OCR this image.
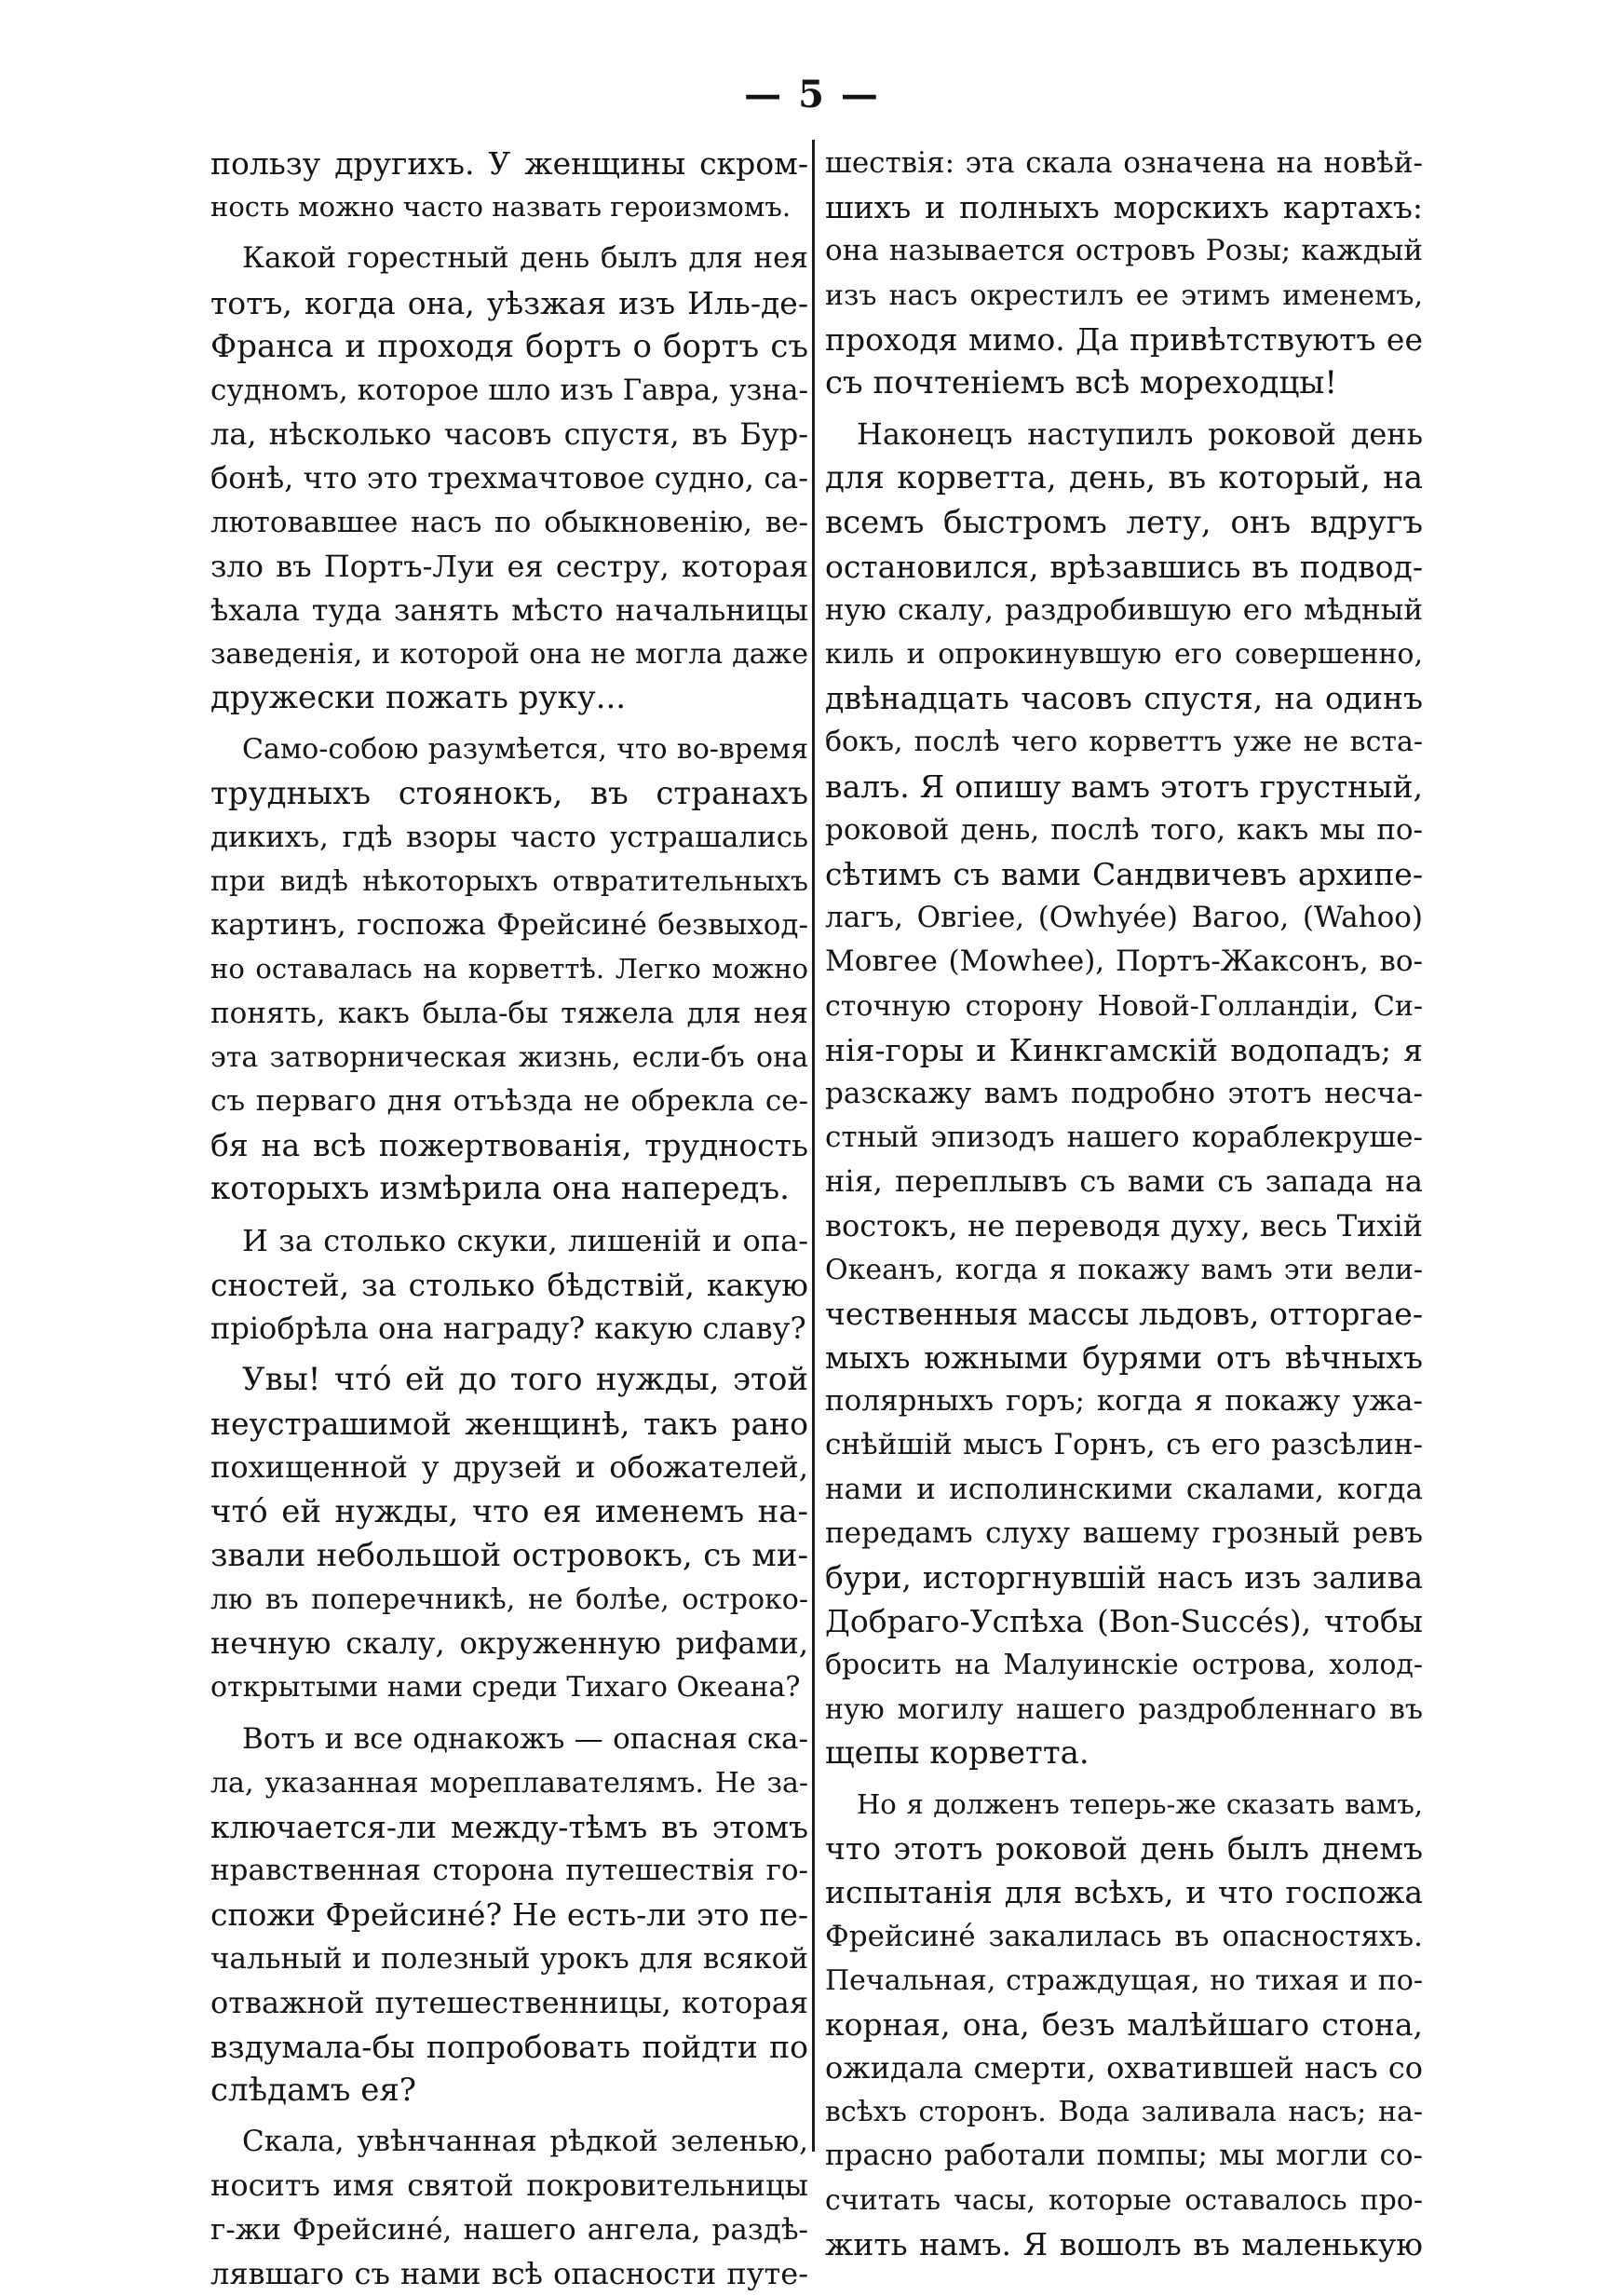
— 5 —
пользу другихъ. У женщины скром-
ность можно часто назвать героизмомъ.
Какой горестный день былъ для нея
тотъ, когда она, уѣзжая изъ Иль-де-
Франса и проходя бортъ о бортъ съ
судномъ, которое шло изъ Гавра, узна-
ла, нѣсколько часовъ спустя, въ Бур-
бонѣ, что это трехмачтовое судно, са-
лютовавшее насъ по обыкновенію, ве-
зло въ Портъ-Луи ея сестру, которая
ѣхала туда занять мѣсто начальницы
заведенія, и которой она не могла даже
дружески пожать руку...
Само-собою разумѣется, что во-время
трудныхъ стоянокъ, въ странахъ
дикихъ, гдѣ взоры часто устрашались
при видѣ нѣкоторыхъ отвратительныхъ
картинъ, госпожа Фрейсинé безвыход-
но оставалась на корветтѣ. Легко можно
понять, какъ была-бы тяжела для нея
эта затворническая жизнь, если-бъ она
съ перваго дня отъѣзда не обрекла се-
бя на всѣ пожертвованія, трудность
которыхъ измѣрила она напередъ.
И за столько скуки, лишеній и опа-
сностей, за столько бѣдствій, какую
пріобрѣла она награду? какую славу?
Увы! чтó ей до того нужды, этой
неустрашимой женщинѣ, такъ рано
похищенной у друзей и обожателей,
чтó ей нужды, что ея именемъ на-
звали небольшой островокъ, съ ми-
лю въ поперечникѣ, не болѣе, остроко-
нечную скалу, окруженную рифами,
открытыми нами среди Тихаго Океана?
Вотъ и все однакожъ — опасная ска-
ла, указанная мореплавателямъ. Не за-
ключается-ли между-тѣмъ въ этомъ
нравственная сторона путешествія го-
спожи Фрейсинé? Не есть-ли это пе-
чальный и полезный урокъ для всякой
отважной путешественницы, которая
вздумала-бы попробовать пойдти по
слѣдамъ ея?
Скала, увѣнчанная рѣдкой зеленью,
носитъ имя святой покровительницы
г-жи Фрейсинé, нашего ангела, раздѣ-
лявшаго съ нами всѣ опасности путе-
шествія: эта скала означена на новѣй-
шихъ и полныхъ морскихъ картахъ:
она называется островъ Розы; каждый
изъ насъ окрестилъ ее этимъ именемъ,
проходя мимо. Да привѣтствуютъ ее
съ почтеніемъ всѣ мореходцы!
Наконецъ наступилъ роковой день
для корветта, день, въ который, на
всемъ быстромъ лету, онъ вдругъ
остановился, врѣзавшись въ подвод-
ную скалу, раздробившую его мѣдный
киль и опрокинувшую его совершенно,
двѣнадцать часовъ спустя, на одинъ
бокъ, послѣ чего корветтъ уже не вста-
валъ. Я опишу вамъ этотъ грустный,
роковой день, послѣ того, какъ мы по-
сѣтимъ съ вами Сандвичевъ архипе-
лагъ, Овгiее, (Owhyée) Вагоо, (Wahoo)
Мовгее (Mowhee), Портъ-Жаксонъ, во-
сточную сторону Новой-Голландіи, Си-
нія-горы и Кинкгамскій водопадъ; я
разскажу вамъ подробно этотъ несча-
стный эпизодъ нашего кораблекруше-
нія, переплывъ съ вами съ запада на
востокъ, не переводя духу, весь Тихій
Океанъ, когда я покажу вамъ эти вели-
чественныя массы льдовъ, отторгае-
мыхъ южными бурями отъ вѣчныхъ
полярныхъ горъ; когда я покажу ужа-
снѣйшій мысъ Горнъ, съ его разсѣлин-
нами и исполинскими скалами, когда
передамъ слуху вашему грозный ревъ
бури, исторгнувшій насъ изъ залива
Добраго-Успѣха (Bon-Succés), чтобы
бросить на Малуинскіе острова, холод-
ную могилу нашего раздробленнаго въ
щепы корветта.
Но я долженъ теперь-же сказать вамъ,
что этотъ роковой день былъ днемъ
испытанія для всѣхъ, и что госпожа
Фрейсинé закалилась въ опасностяхъ.
Печальная, страждущая, но тихая и по-
корная, она, безъ малѣйшаго стона,
ожидала смерти, охватившей насъ со
всѣхъ сторонъ. Вода заливала насъ; на-
прасно работали помпы; мы могли со-
считать часы, которые оставалось про-
жить намъ. Я вошолъ въ маленькую
